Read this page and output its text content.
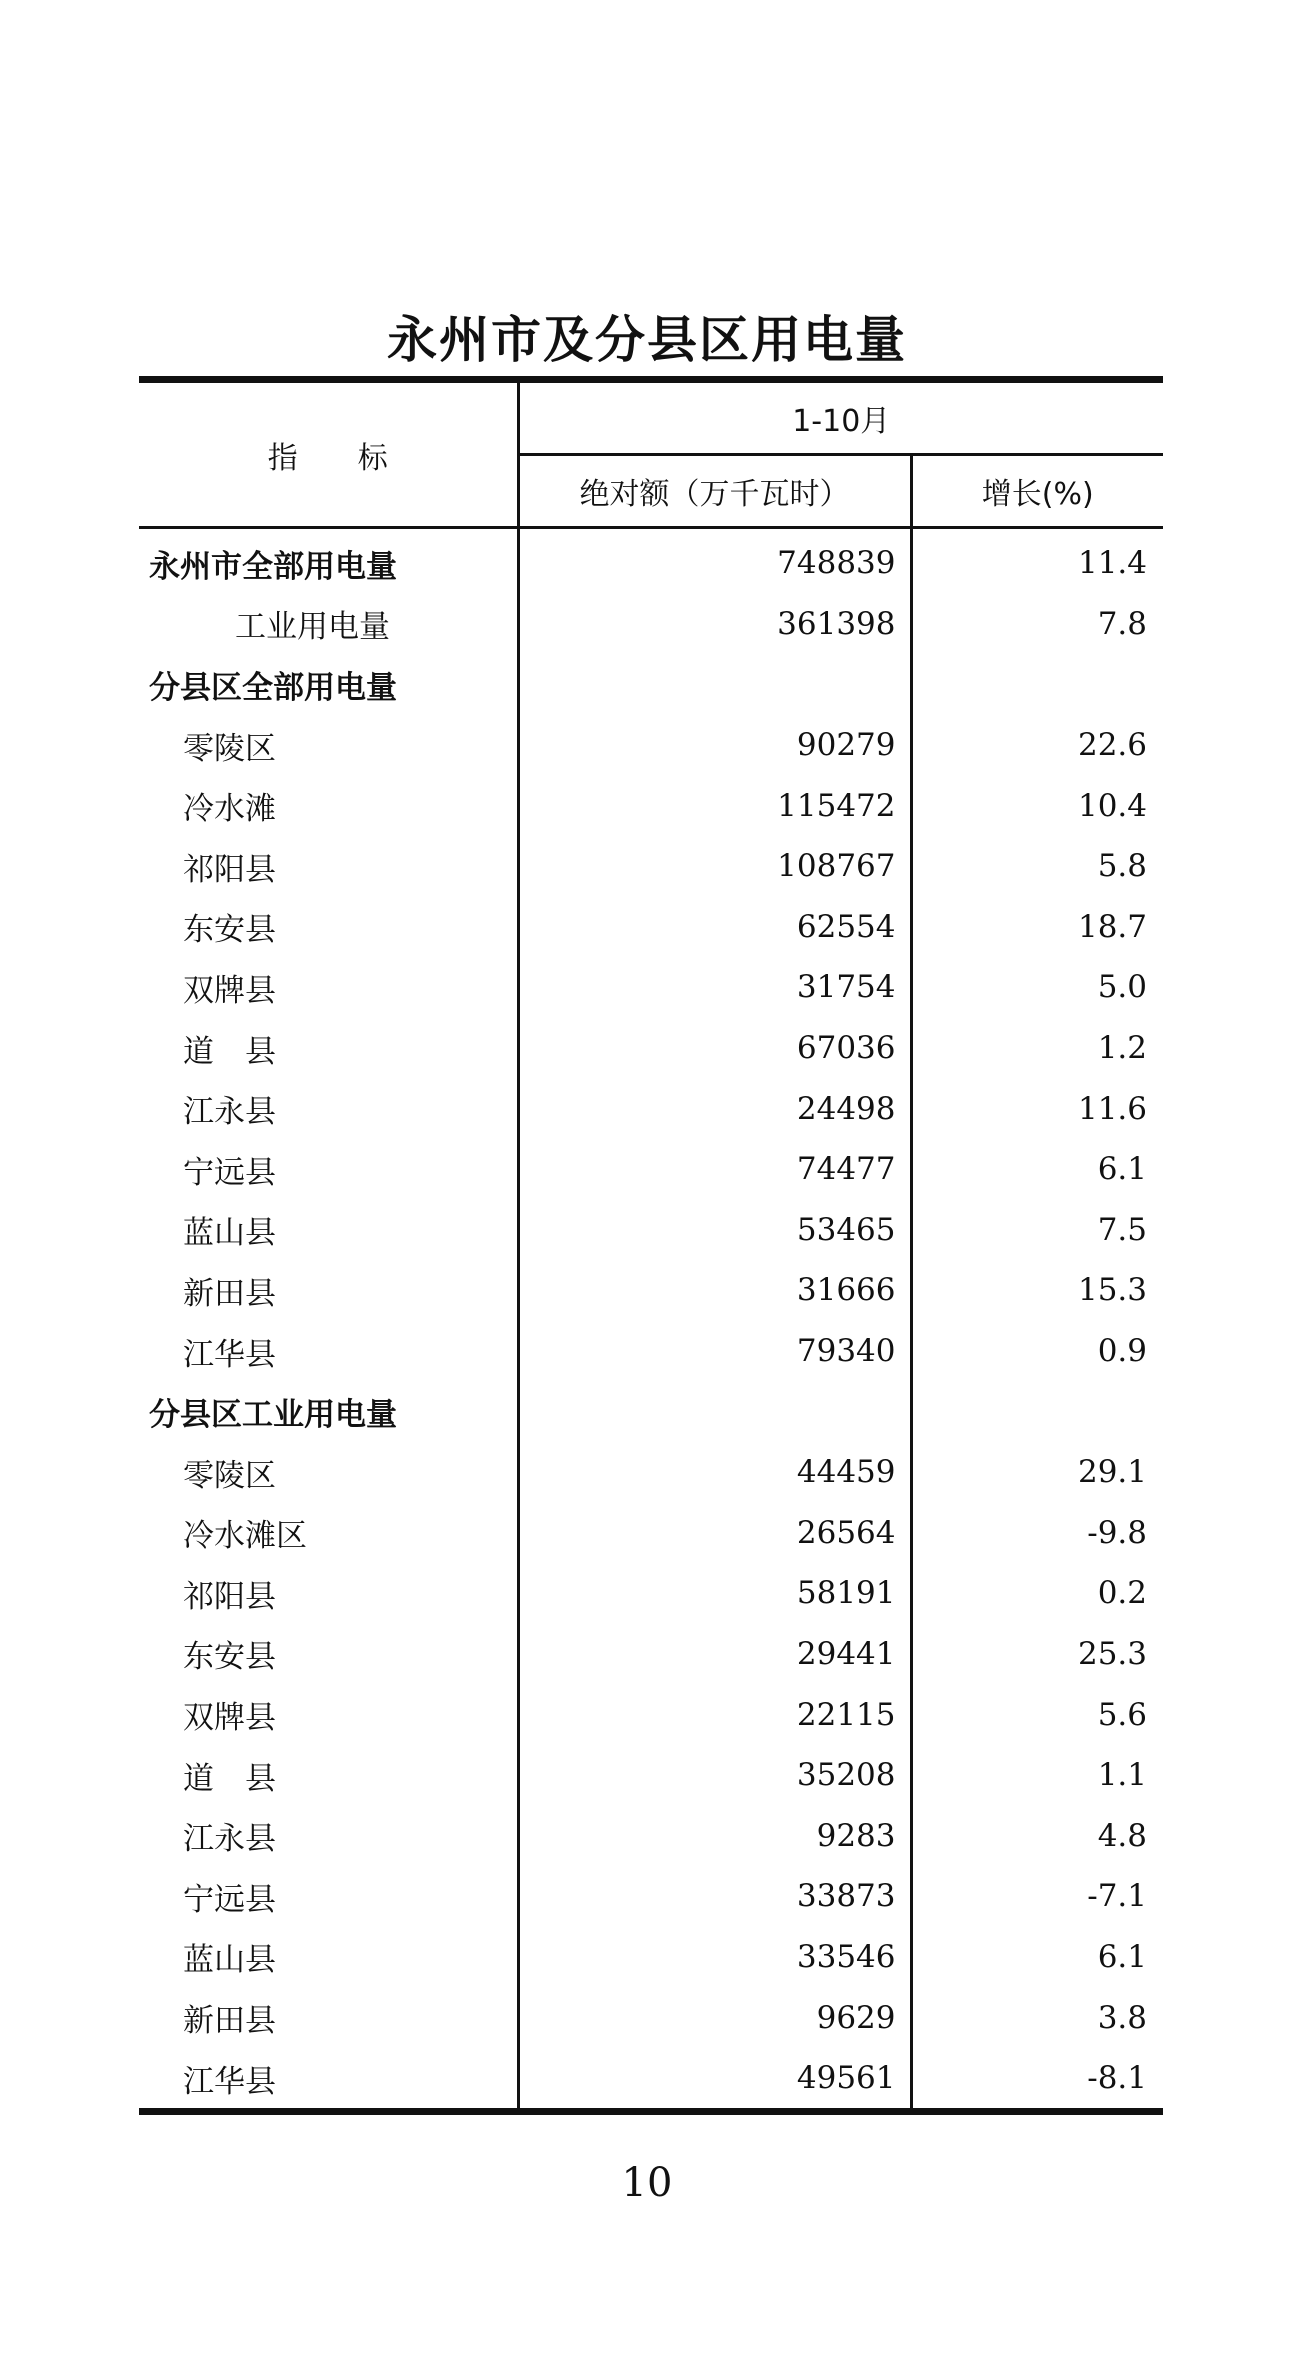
永州市及分县区用电量
指　　标	1-10月	
	绝对额（万千瓦时）	增长(%)
永州市全部用电量	748839	11.4
工业用电量	361398	7.8
分县区全部用电量		
零陵区	90279	22.6
冷水滩	115472	10.4
祁阳县	108767	5.8
东安县	62554	18.7
双牌县	31754	5.0
道　县	67036	1.2
江永县	24498	11.6
宁远县	74477	6.1
蓝山县	53465	7.5
新田县	31666	15.3
江华县	79340	0.9
分县区工业用电量		
零陵区	44459	29.1
冷水滩区	26564	-9.8
祁阳县	58191	0.2
东安县	29441	25.3
双牌县	22115	5.6
道　县	35208	1.1
江永县	9283	4.8
宁远县	33873	-7.1
蓝山县	33546	6.1
新田县	9629	3.8
江华县	49561	-8.1
10
